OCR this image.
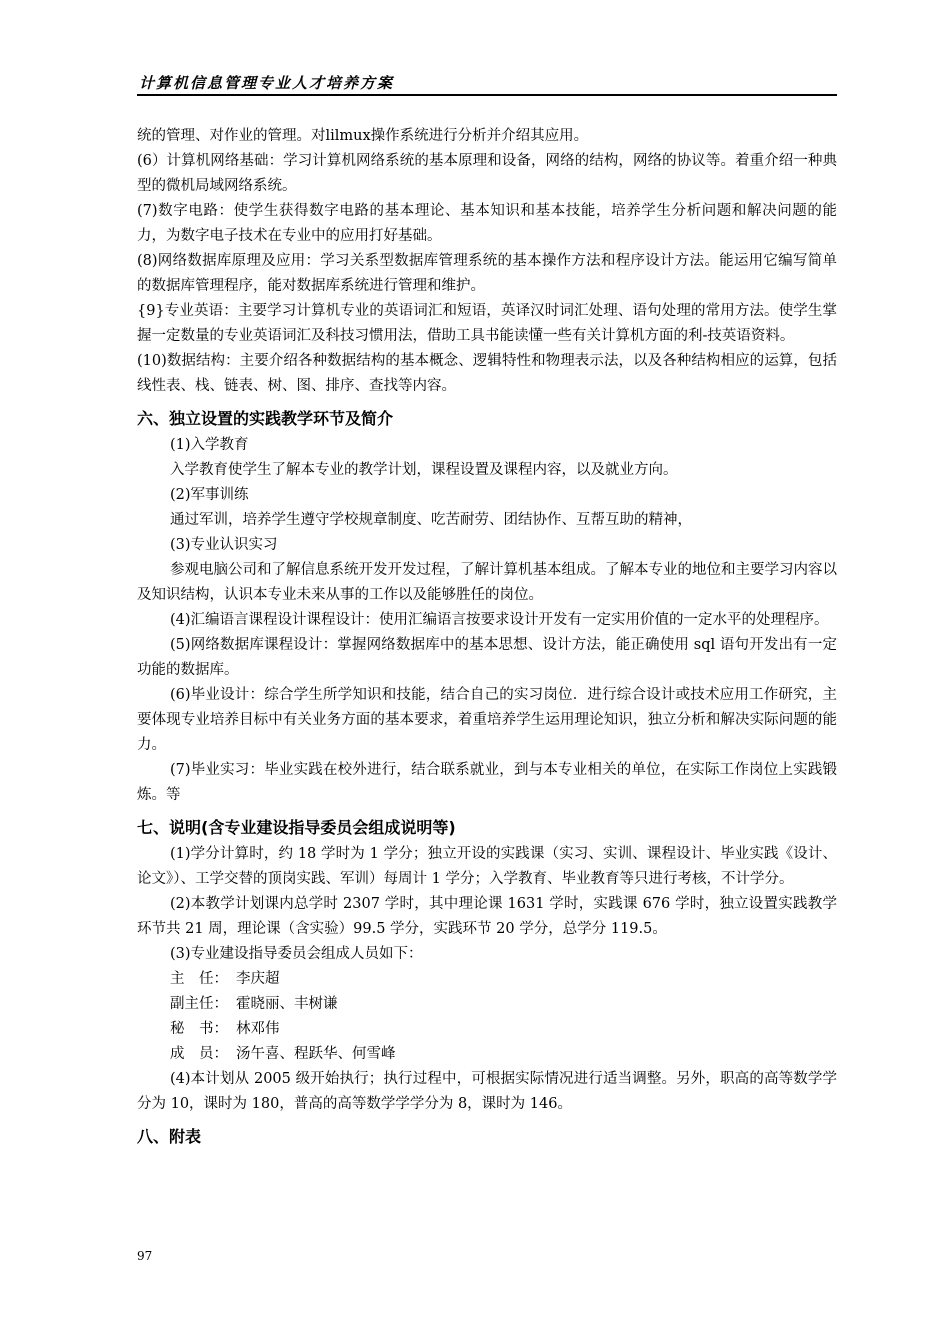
计算机信息管理专业人才培养方案

统的管理、对作业的管理。对lilmux操作系统进行分析并介绍其应用。

(6）计算机网络基础：学习计算机网络系统的基本原理和设备，网络的结构，网络的协议等。着重介绍一种典型的微机局域网络系统。

(7)数字电路：使学生获得数字电路的基本理论、基本知识和基本技能，培养学生分析问题和解决问题的能力，为数字电子技术在专业中的应用打好基础。

(8)网络数据库原理及应用：学习关系型数据库管理系统的基本操作方法和程序设计方法。能运用它编写简单的数据库管理程序，能对数据库系统进行管理和维护。

{9}专业英语：主要学习计算机专业的英语词汇和短语，英译汉时词汇处理、语句处理的常用方法。使学生掌握一定数量的专业英语词汇及科技习惯用法，借助工具书能读懂一些有关计算机方面的利-技英语资料。

(10)数据结构：主要介绍各种数据结构的基本概念、逻辑特性和物理表示法，以及各种结构相应的运算，包括线性表、栈、链表、树、图、排序、查找等内容。

六、独立设置的实践教学环节及简介

(1)入学教育

入学教育使学生了解本专业的教学计划，课程设置及课程内容，以及就业方向。

(2)军事训练

通过军训，培养学生遵守学校规章制度、吃苦耐劳、团结协作、互帮互助的精神，

(3)专业认识实习

参观电脑公司和了解信息系统开发开发过程，了解计算机基本组成。了解本专业的地位和主要学习内容以及知识结构，认识本专业未来从事的工作以及能够胜任的岗位。

(4)汇编语言课程设计课程设计：使用汇编语言按要求设计开发有一定实用价值的一定水平的处理程序。

(5)网络数据库课程设计：掌握网络数据库中的基本思想、设计方法，能正确使用 sql 语句开发出有一定功能的数据库。

(6)毕业设计：综合学生所学知识和技能，结合自己的实习岗位．进行综合设计或技术应用工作研究，主要体现专业培养目标中有关业务方面的基本要求，着重培养学生运用理论知识，独立分析和解决实际问题的能力。

(7)毕业实习：毕业实践在校外进行，结合联系就业，到与本专业相关的单位，在实际工作岗位上实践锻炼。等

七、说明(含专业建设指导委员会组成说明等)

(1)学分计算时，约 18 学时为 1 学分；独立开设的实践课（实习、实训、课程设计、毕业实践《设计、论文》）、工学交替的顶岗实践、军训）每周计 1 学分；入学教育、毕业教育等只进行考核，不计学分。

(2)本教学计划课内总学时 2307 学时，其中理论课 1631 学时，实践课 676 学时，独立设置实践教学环节共 21 周，理论课（含实验）99.5 学分，实践环节 20 学分，总学分 119.5。

(3)专业建设指导委员会组成人员如下：

主　任： 李庆超
副主任： 霍晓丽、丰树谦
秘　书： 林邓伟
成　员： 汤午喜、程跃华、何雪峰

(4)本计划从 2005 级开始执行；执行过程中，可根据实际情况进行适当调整。另外，职高的高等数学学分为 10，课时为 180，普高的高等数学学学分为 8，课时为 146。

八、附表
97
